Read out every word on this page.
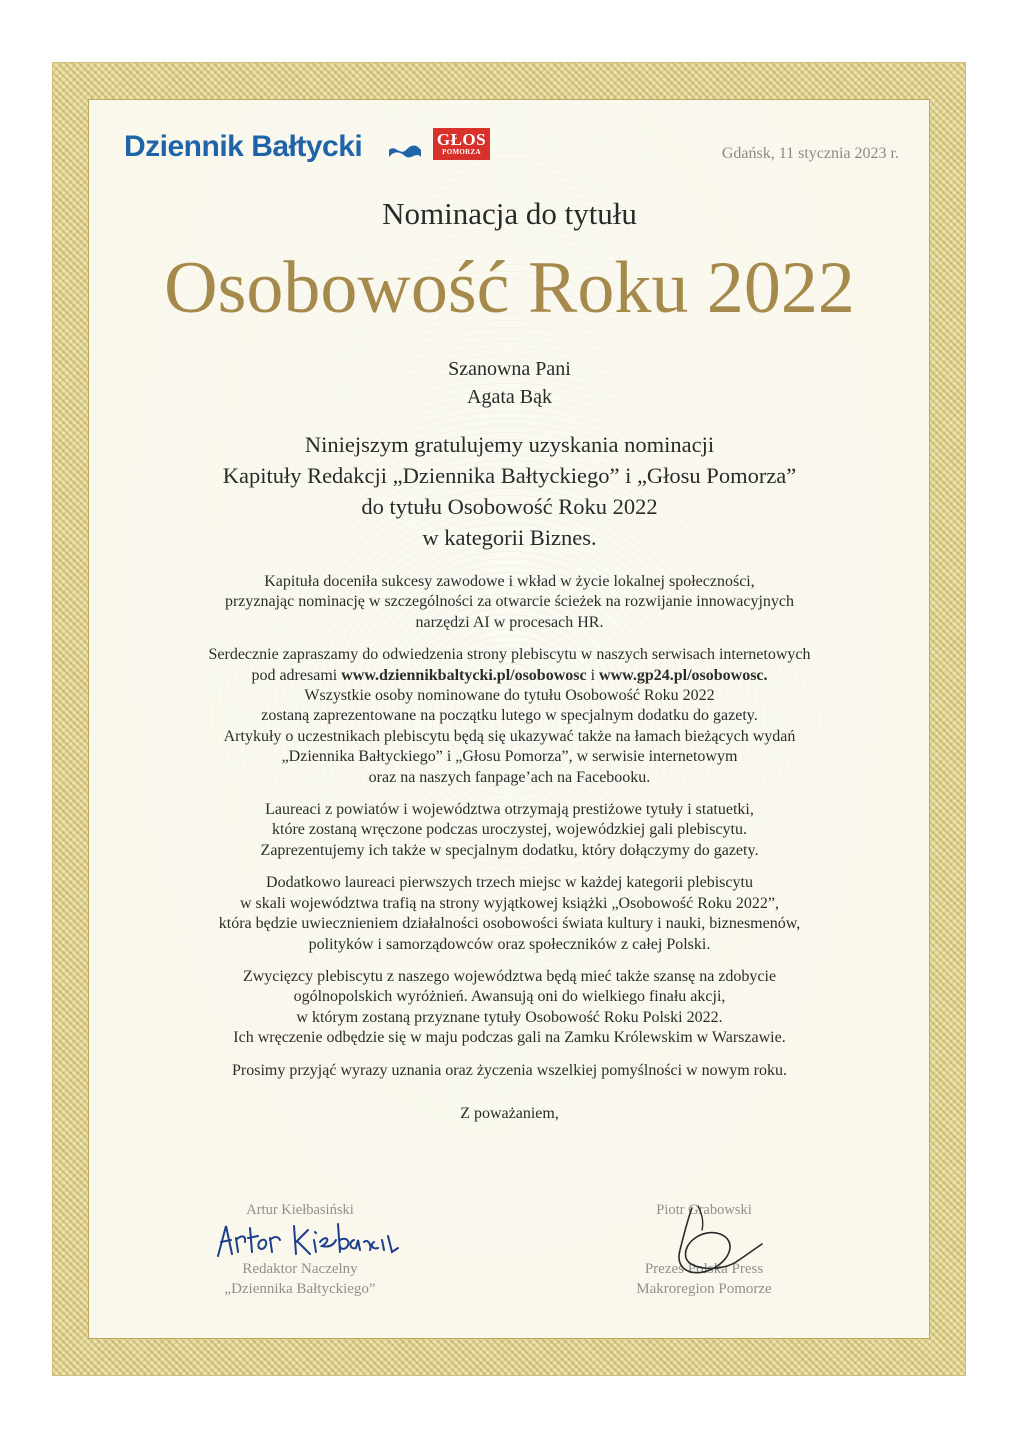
Dziennik Bałtycki	GŁOS
POMORZA	Gdańsk, 11 stycznia 2023 r.
Nominacja do tytułu
Osobowość Roku 2022
Szanowna Pani
Agata Bąk
Niniejszym gratulujemy uzyskania nominacji
Kapituły Redakcji „Dziennika Bałtyckiego” i „Głosu Pomorza”
do tytułu Osobowość Roku 2022
w kategorii Biznes.

Kapituła doceniła sukcesy zawodowe i wkład w życie lokalnej społeczności,
przyznając nominację w szczególności za otwarcie ścieżek na rozwijanie innowacyjnych
narzędzi AI w procesach HR.

Serdecznie zapraszamy do odwiedzenia strony plebiscytu w naszych serwisach internetowych
pod adresami www.dziennikbaltycki.pl/osobowosc i www.gp24.pl/osobowosc.
Wszystkie osoby nominowane do tytułu Osobowość Roku 2022
zostaną zaprezentowane na początku lutego w specjalnym dodatku do gazety.
Artykuły o uczestnikach plebiscytu będą się ukazywać także na łamach bieżących wydań
„Dziennika Bałtyckiego” i „Głosu Pomorza”, w serwisie internetowym
oraz na naszych fanpage’ach na Facebooku.

Laureaci z powiatów i województwa otrzymają prestiżowe tytuły i statuetki,
które zostaną wręczone podczas uroczystej, wojewódzkiej gali plebiscytu.
Zaprezentujemy ich także w specjalnym dodatku, który dołączymy do gazety.

Dodatkowo laureaci pierwszych trzech miejsc w każdej kategorii plebiscytu
w skali województwa trafią na strony wyjątkowej książki „Osobowość Roku 2022”,
która będzie uwiecznieniem działalności osobowości świata kultury i nauki, biznesmenów,
polityków i samorządowców oraz społeczników z całej Polski.

Zwycięzcy plebiscytu z naszego województwa będą mieć także szansę na zdobycie
ogólnopolskich wyróżnień. Awansują oni do wielkiego finału akcji,
w którym zostaną przyznane tytuły Osobowość Roku Polski 2022.
Ich wręczenie odbędzie się w maju podczas gali na Zamku Królewskim w Warszawie.

Prosimy przyjąć wyrazy uznania oraz życzenia wszelkiej pomyślności w nowym roku.

Z poważaniem,
Artur Kiełbasiński
Redaktor Naczelny
„Dziennika Bałtyckiego”
Piotr Grabowski
Prezes Polska Press
Makroregion Pomorze
